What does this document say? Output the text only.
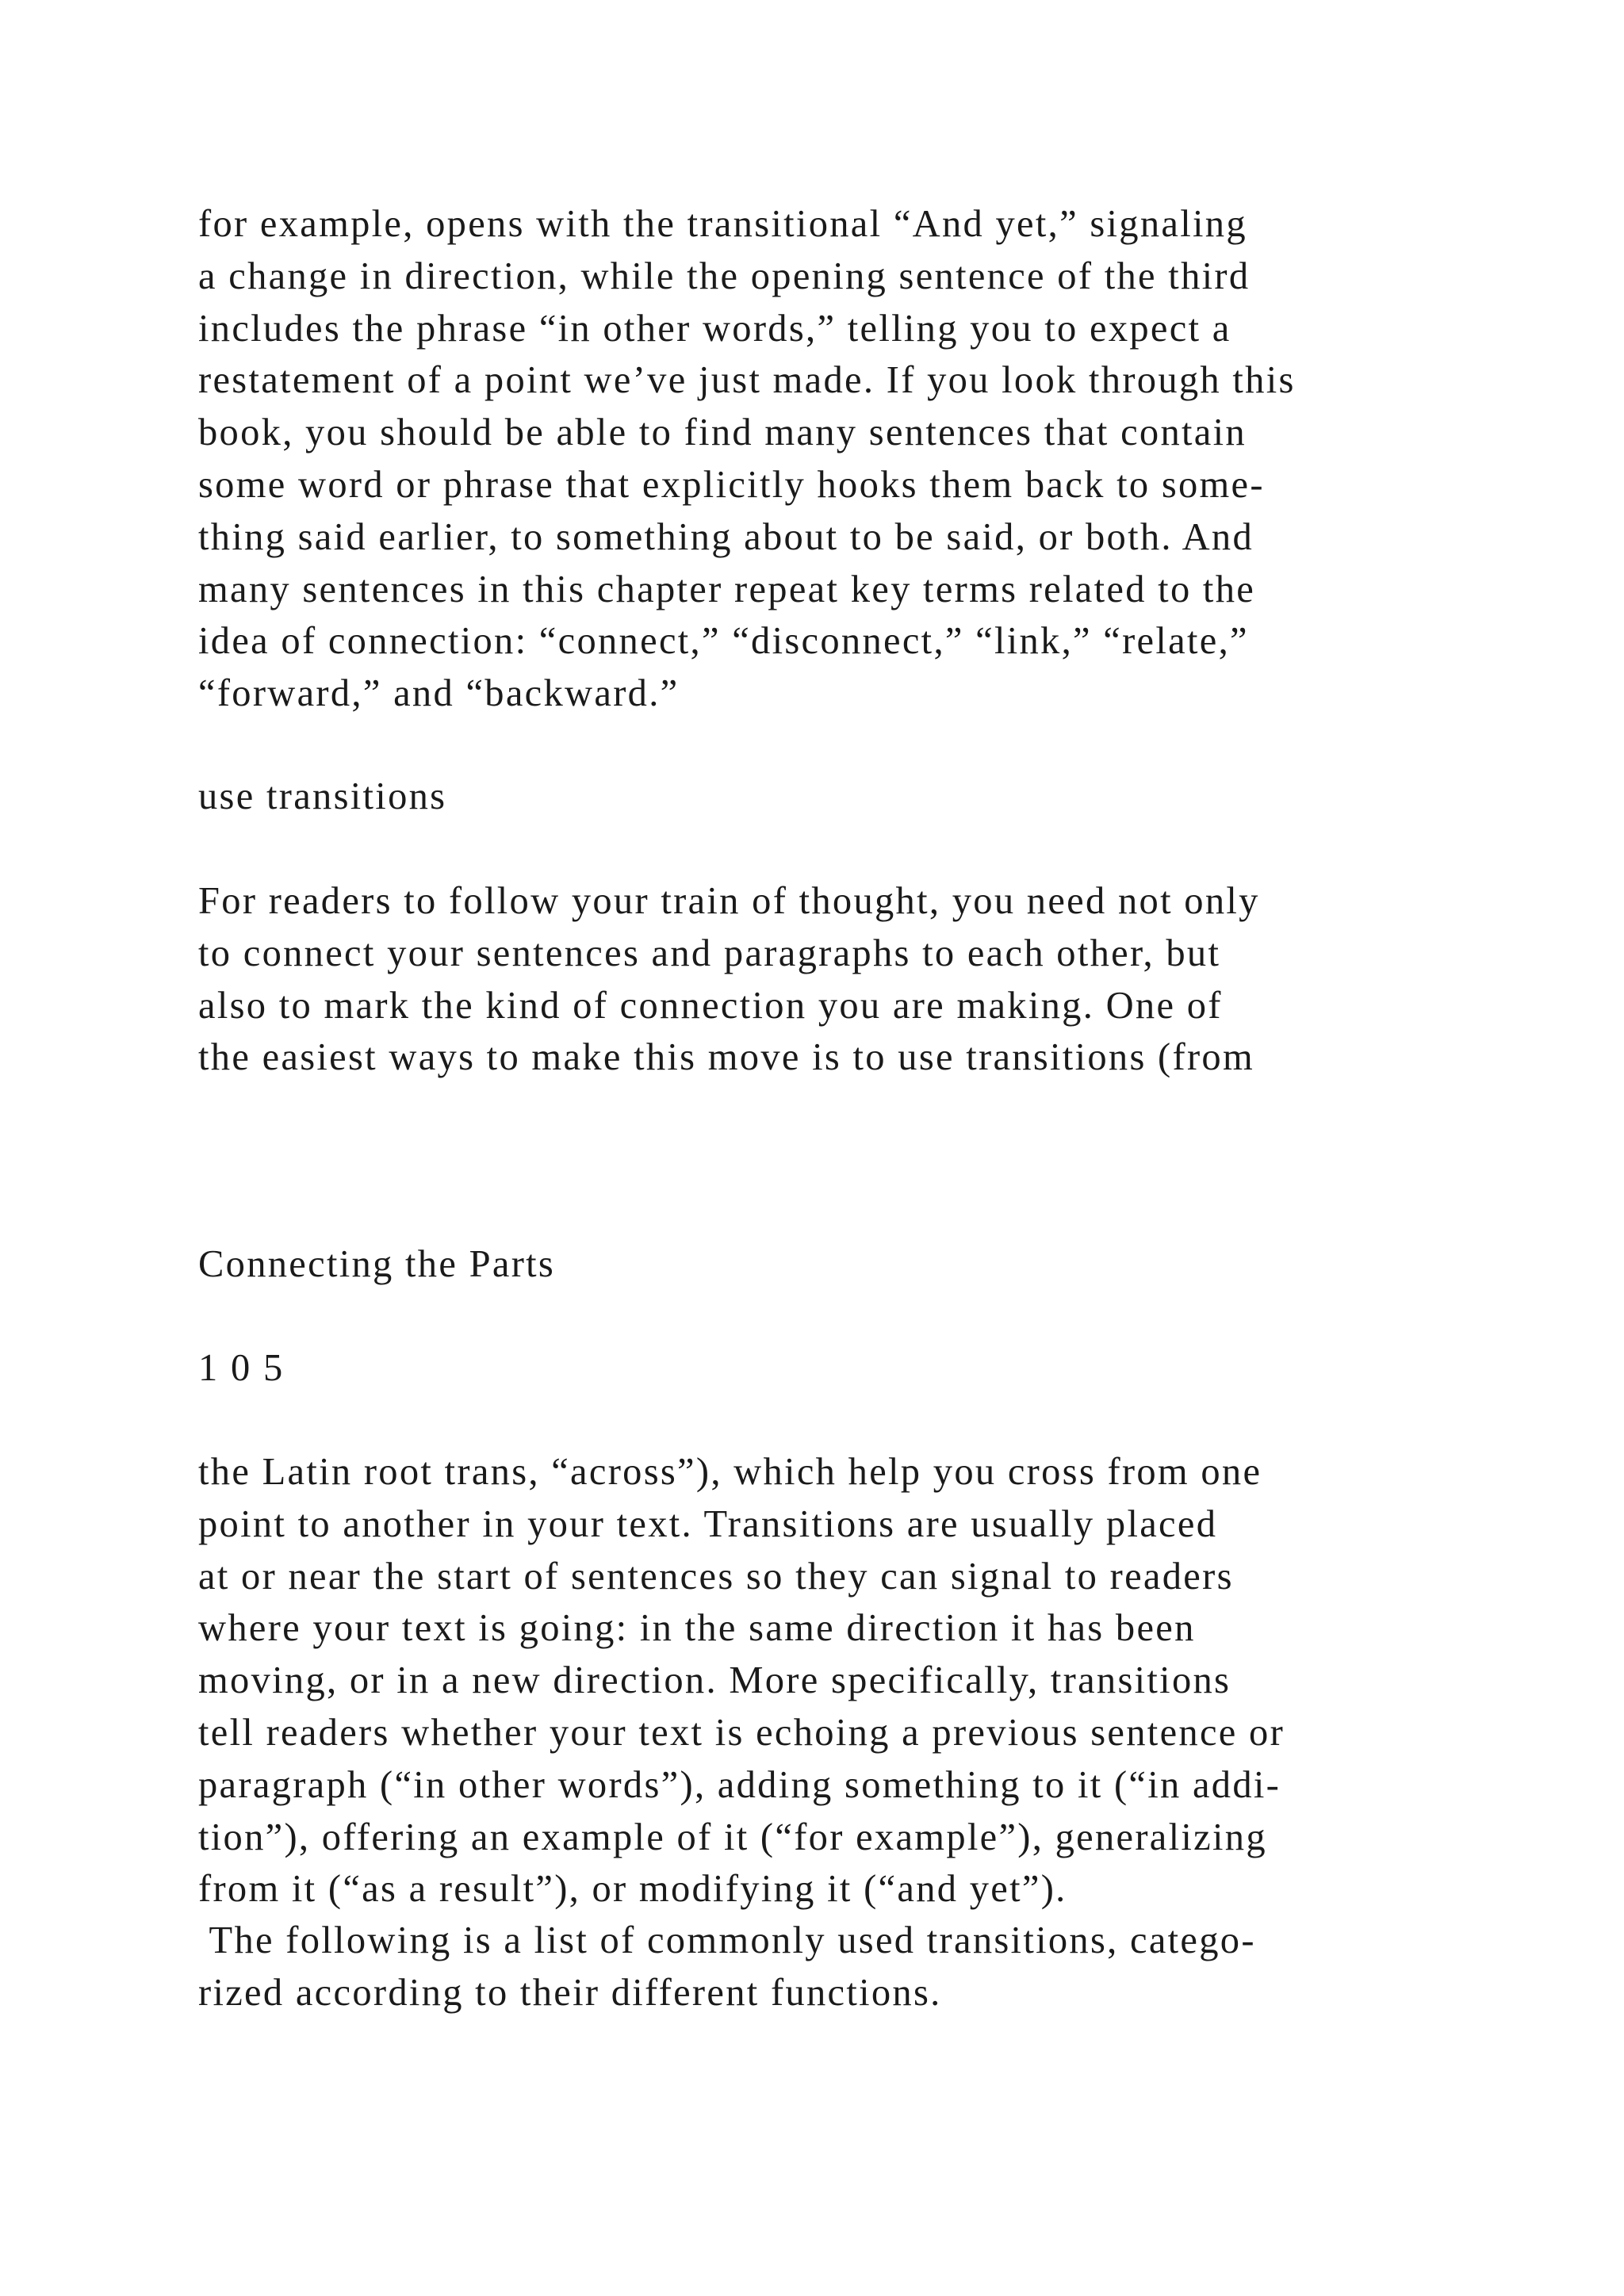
for example, opens with the transitional “And yet,” signaling
a change in direction, while the opening sentence of the third
includes the phrase “in other words,” telling you to expect a
restatement of a point we’ve just made. If you look through this
book, you should be able to find many sentences that contain
some word or phrase that explicitly hooks them back to some-
thing said earlier, to something about to be said, or both. And
many sentences in this chapter repeat key terms related to the
idea of connection: “connect,” “disconnect,” “link,” “relate,”
“forward,” and “backward.”

use transitions

For readers to follow your train of thought, you need not only
to connect your sentences and paragraphs to each other, but
also to mark the kind of connection you are making. One of
the easiest ways to make this move is to use transitions (from

Connecting the Parts

1 0 5

the Latin root trans, “across”), which help you cross from one
point to another in your text. Transitions are usually placed
at or near the start of sentences so they can signal to readers
where your text is going: in the same direction it has been
moving, or in a new direction. More specifically, transitions
tell readers whether your text is echoing a previous sentence or
paragraph (“in other words”), adding something to it (“in addi-
tion”), offering an example of it (“for example”), generalizing
from it (“as a result”), or modifying it (“and yet”).

The following is a list of commonly used transitions, catego-
rized according to their different functions.
